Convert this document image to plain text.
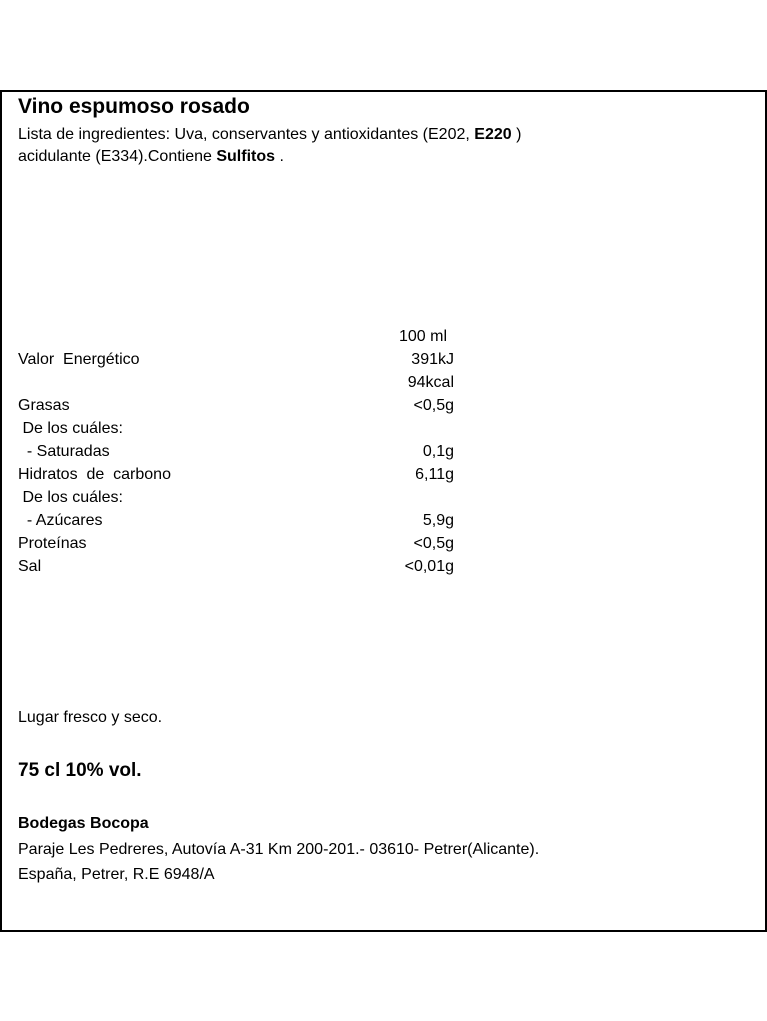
Vino espumoso rosado
Lista de ingredientes: Uva, conservantes y antioxidantes (E202, E220 )
acidulante (E334).Contiene Sulfitos .
100 ml
Valor  Energético	391kJ
94kcal
Grasas	<0,5g
De los cuáles:
- Saturadas	0,1g
Hidratos  de  carbono	6,11g
De los cuáles:
- Azúcares	5,9g
Proteínas	<0,5g
Sal	<0,01g
Lugar fresco y seco.
75 cl 10% vol.
Bodegas Bocopa
Paraje Les Pedreres, Autovía A-31 Km 200-201.- 03610- Petrer(Alicante).
España, Petrer, R.E 6948/A
